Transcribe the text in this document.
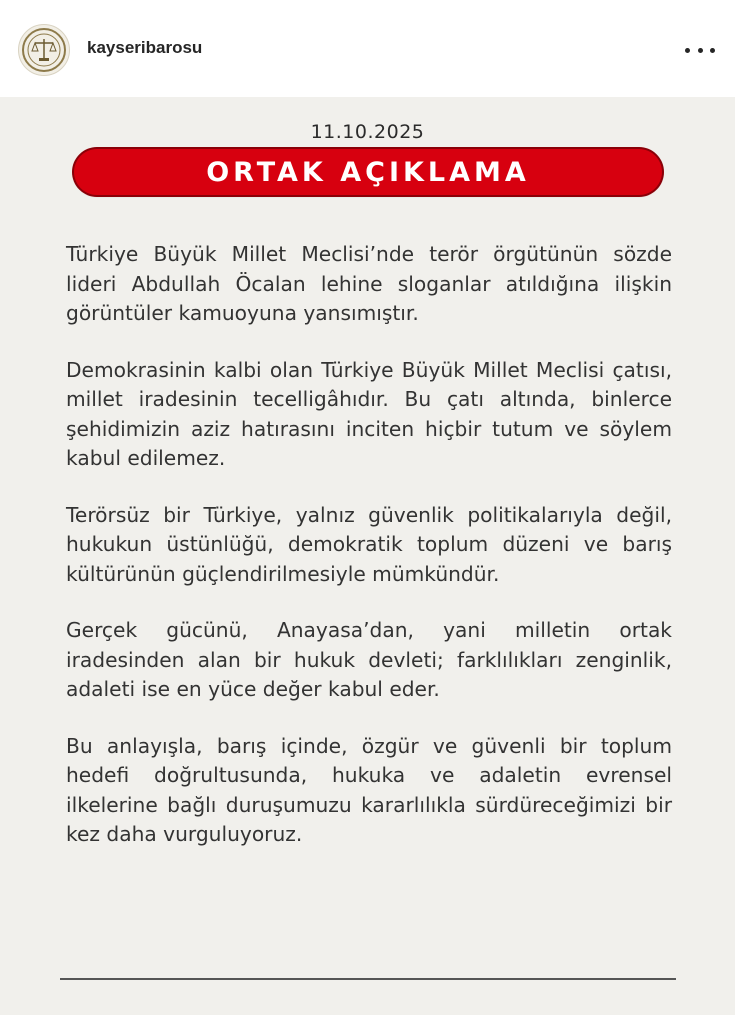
kayseribarosu
11.10.2025
ORTAK AÇIKLAMA

Türkiye Büyük Millet Meclisi’nde terör örgütünün sözde lideri Abdullah Öcalan lehine sloganlar atıldığına ilişkin görüntüler kamuoyuna yansımıştır.

Demokrasinin kalbi olan Türkiye Büyük Millet Meclisi çatısı, millet iradesinin tecelligâhıdır. Bu çatı altında, binlerce şehidimizin aziz hatırasını inciten hiçbir tutum ve söylem kabul edilemez.

Terörsüz bir Türkiye, yalnız güvenlik politikalarıyla değil, hukukun üstünlüğü, demokratik toplum düzeni ve barış kültürünün güçlendirilmesiyle mümkündür.

Gerçek gücünü, Anayasa’dan, yani milletin ortak iradesinden alan bir hukuk devleti; farklılıkları zenginlik, adaleti ise en yüce değer kabul eder.

Bu anlayışla, barış içinde, özgür ve güvenli bir toplum hedefi doğrultusunda, hukuka ve adaletin evrensel ilkelerine bağlı duruşumuzu kararlılıkla sürdüreceğimizi bir kez daha vurguluyoruz.
